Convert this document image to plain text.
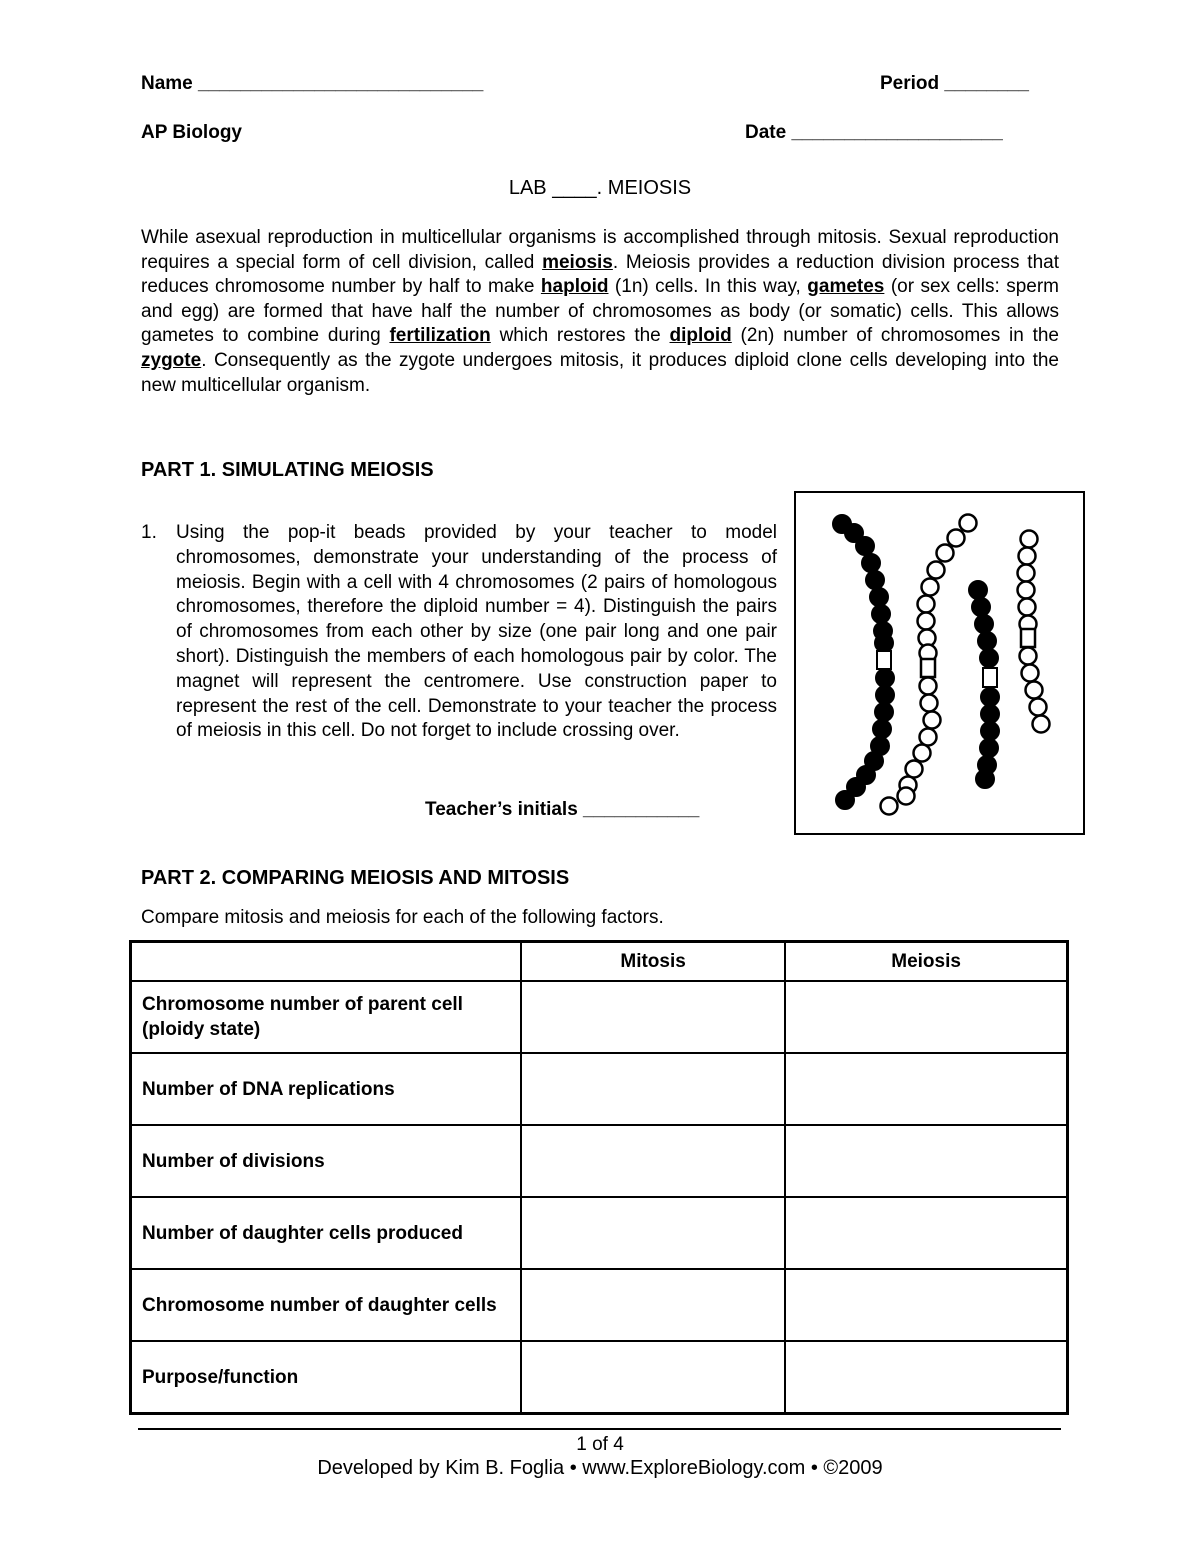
Name ___________________________	Period ________
AP Biology	Date ____________________
LAB ____. MEIOSIS
While asexual reproduction in multicellular organisms is accomplished through mitosis. Sexual reproduction requires a special form of cell division, called meiosis. Meiosis provides a reduction division process that reduces chromosome number by half to make haploid (1n) cells. In this way, gametes (or sex cells: sperm and egg) are formed that have half the number of chromosomes as body (or somatic) cells. This allows gametes to combine during fertilization which restores the diploid (2n) number of chromosomes in the zygote. Consequently as the zygote undergoes mitosis, it produces diploid clone cells developing into the new multicellular organism.
PART 1. SIMULATING MEIOSIS
1. Using the pop-it beads provided by your teacher to model chromosomes, demonstrate your understanding of the process of meiosis. Begin with a cell with 4 chromosomes (2 pairs of homologous chromosomes, therefore the diploid number = 4). Distinguish the pairs of chromosomes from each other by size (one pair long and one pair short). Distinguish the members of each homologous pair by color. The magnet will represent the centromere. Use construction paper to represent the rest of the cell. Demonstrate to your teacher the process of meiosis in this cell. Do not forget to include crossing over.
Teacher’s initials ___________
PART 2. COMPARING MEIOSIS AND MITOSIS
Compare mitosis and meiosis for each of the following factors.
	Mitosis	Meiosis
Chromosome number of parent cell (ploidy state)		
Number of DNA replications		
Number of divisions		
Number of daughter cells produced		
Chromosome number of daughter cells		
Purpose/function		
1 of 4
Developed by Kim B. Foglia • www.ExploreBiology.com • ©2009
